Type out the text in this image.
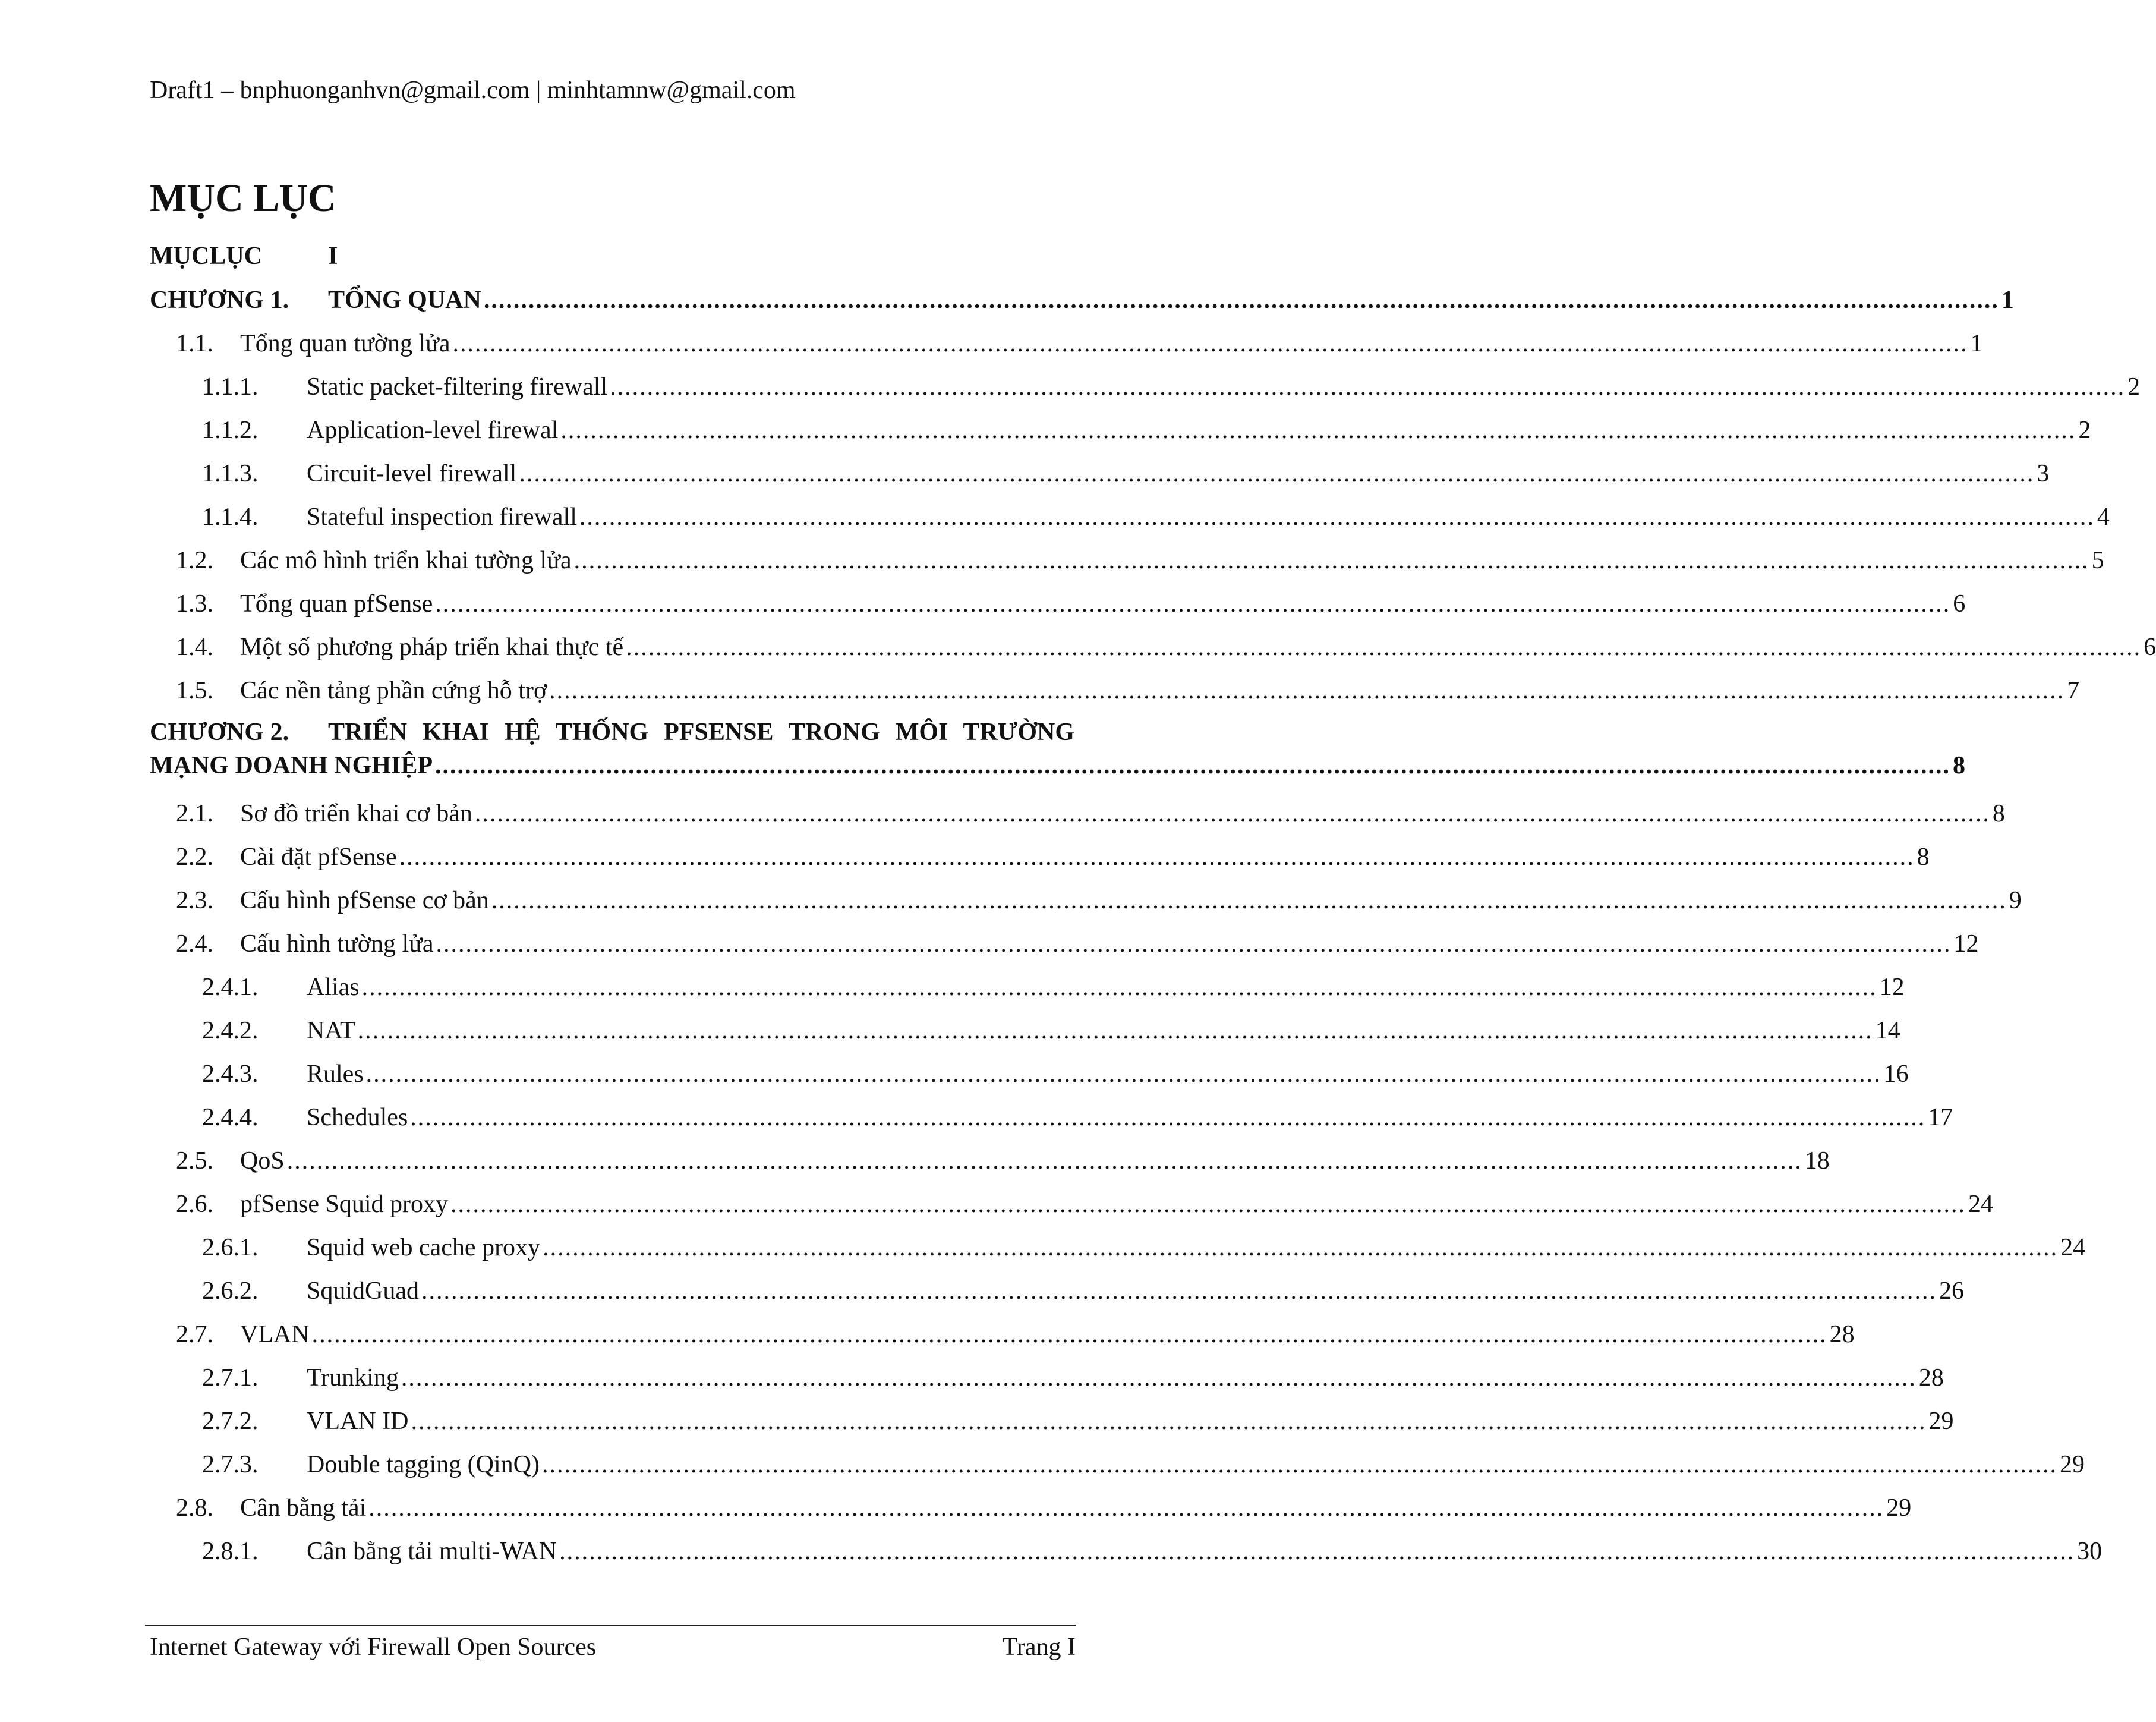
Draft1 – bnphuonganhvn@gmail.com | minhtamnw@gmail.com
MỤC LỤC
MỤCLỤC	I
CHƯƠNG 1.	TỔNG QUAN ............................................................................................................................................................................................................ 1
1.1.	Tổng quan tường lửa ............................................................................................................................................................................................................ 1
1.1.1.	Static packet-filtering firewall ............................................................................................................................................................................................................ 2
1.1.2.	Application-level firewal ............................................................................................................................................................................................................ 2
1.1.3.	Circuit-level firewall ............................................................................................................................................................................................................ 3
1.1.4.	Stateful inspection firewall ............................................................................................................................................................................................................ 4
1.2.	Các mô hình triển khai tường lửa ............................................................................................................................................................................................................ 5
1.3.	Tổng quan pfSense ............................................................................................................................................................................................................ 6
1.4.	Một số phương pháp triển khai thực tế ............................................................................................................................................................................................................ 6
1.5.	Các nền tảng phần cứng hỗ trợ ............................................................................................................................................................................................................ 7
CHƯƠNG 2.	TRIỂN KHAI HỆ THỐNG PFSENSE TRONG MÔI TRƯỜNG
MẠNG DOANH NGHIỆP ............................................................................................................................................................................................................ 8
2.1.	Sơ đồ triển khai cơ bản ............................................................................................................................................................................................................ 8
2.2.	Cài đặt pfSense ............................................................................................................................................................................................................ 8
2.3.	Cấu hình pfSense cơ bản ............................................................................................................................................................................................................ 9
2.4.	Cấu hình tường lửa ............................................................................................................................................................................................................ 12
2.4.1.	Alias ............................................................................................................................................................................................................ 12
2.4.2.	NAT ............................................................................................................................................................................................................ 14
2.4.3.	Rules ............................................................................................................................................................................................................ 16
2.4.4.	Schedules ............................................................................................................................................................................................................ 17
2.5.	QoS ............................................................................................................................................................................................................ 18
2.6.	pfSense Squid proxy ............................................................................................................................................................................................................ 24
2.6.1.	Squid web cache proxy ............................................................................................................................................................................................................ 24
2.6.2.	SquidGuad ............................................................................................................................................................................................................ 26
2.7.	VLAN ............................................................................................................................................................................................................ 28
2.7.1.	Trunking ............................................................................................................................................................................................................ 28
2.7.2.	VLAN ID ............................................................................................................................................................................................................ 29
2.7.3.	Double tagging (QinQ) ............................................................................................................................................................................................................ 29
2.8.	Cân bằng tải ............................................................................................................................................................................................................ 29
2.8.1.	Cân bằng tải multi-WAN ............................................................................................................................................................................................................ 30
Internet Gateway với Firewall Open Sources	Trang I
